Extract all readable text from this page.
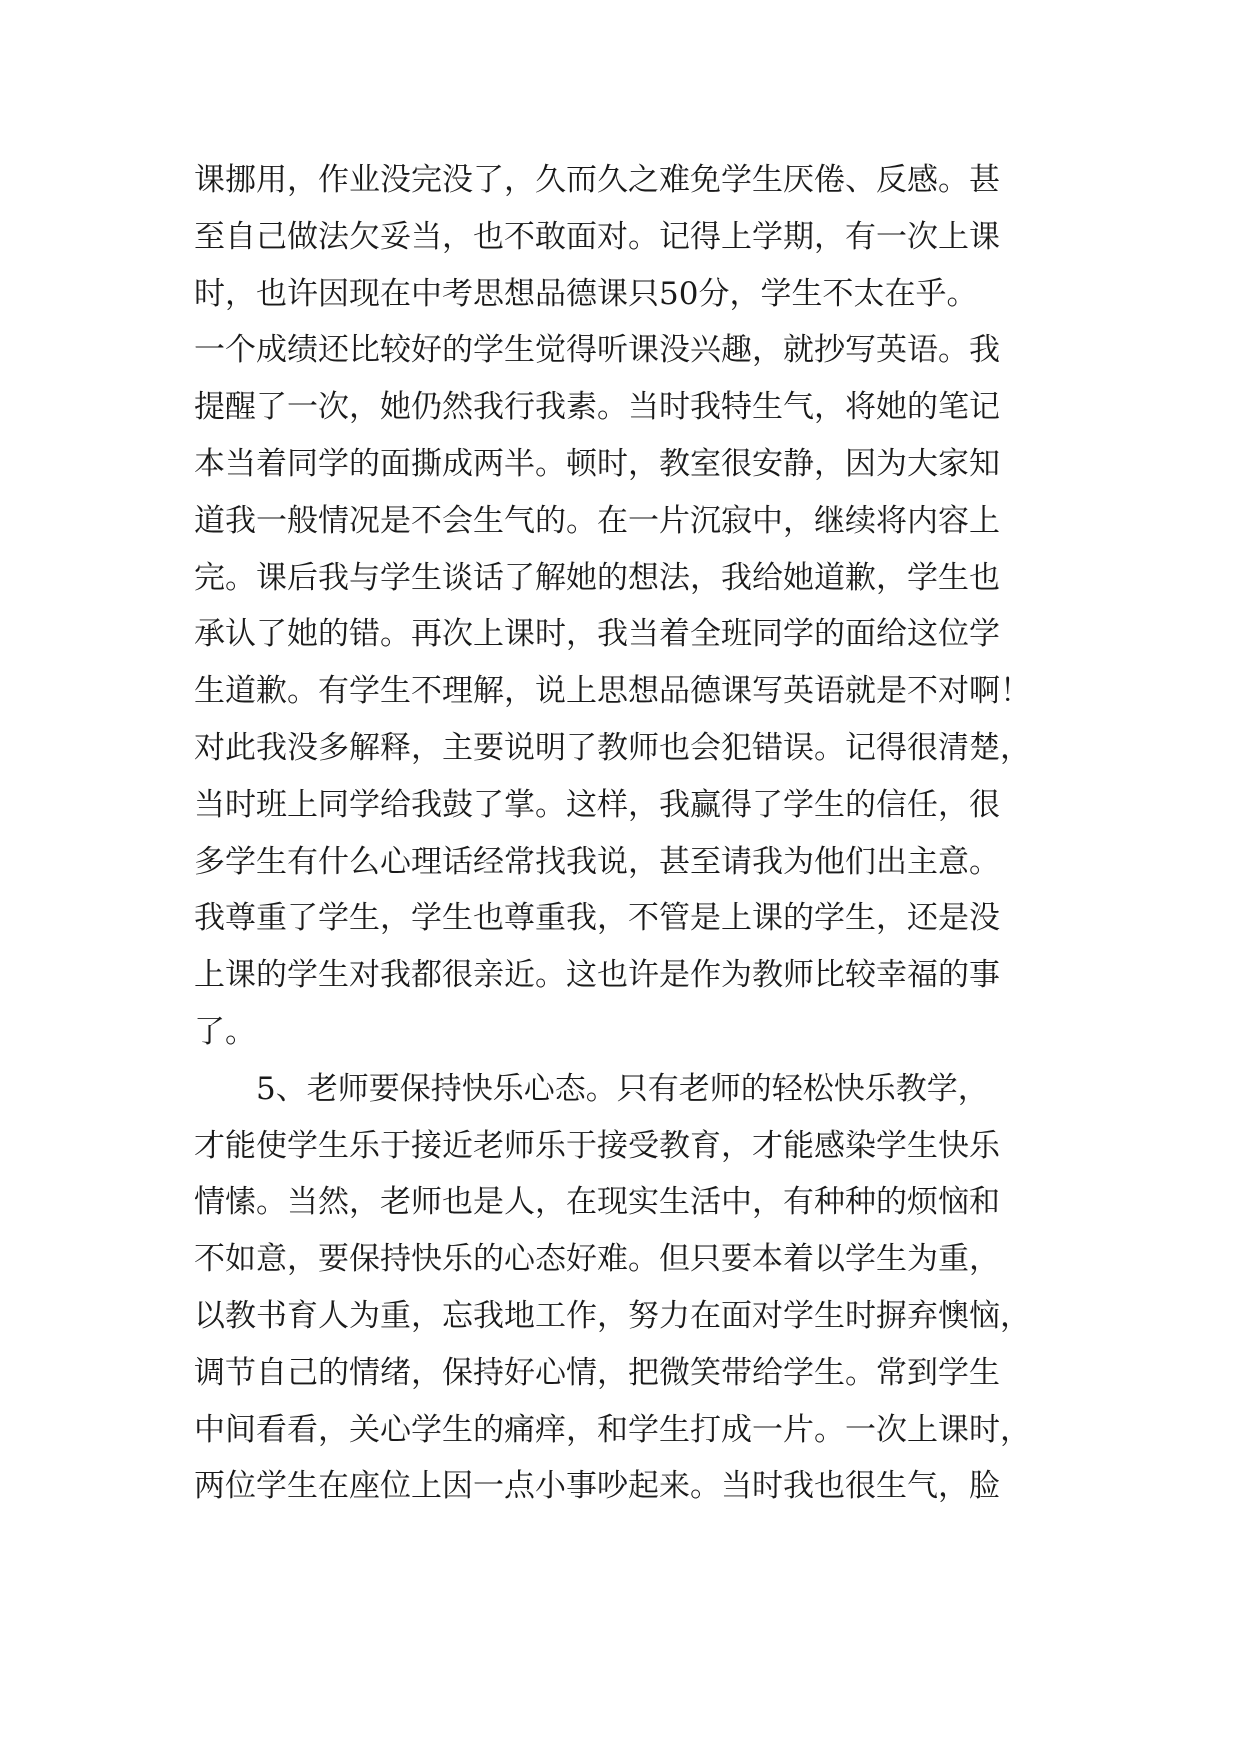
课挪用，作业没完没了，久而久之难免学生厌倦、反感。甚
至自己做法欠妥当，也不敢面对。记得上学期，有一次上课
时，也许因现在中考思想品德课只50分，学生不太在乎。
一个成绩还比较好的学生觉得听课没兴趣，就抄写英语。我
提醒了一次，她仍然我行我素。当时我特生气，将她的笔记
本当着同学的面撕成两半。顿时，教室很安静，因为大家知
道我一般情况是不会生气的。在一片沉寂中，继续将内容上
完。课后我与学生谈话了解她的想法，我给她道歉，学生也
承认了她的错。再次上课时，我当着全班同学的面给这位学
生道歉。有学生不理解，说上思想品德课写英语就是不对啊！
对此我没多解释，主要说明了教师也会犯错误。记得很清楚，
当时班上同学给我鼓了掌。这样，我赢得了学生的信任，很
多学生有什么心理话经常找我说，甚至请我为他们出主意。
我尊重了学生，学生也尊重我，不管是上课的学生，还是没
上课的学生对我都很亲近。这也许是作为教师比较幸福的事
了。
5、老师要保持快乐心态。只有老师的轻松快乐教学，
才能使学生乐于接近老师乐于接受教育，才能感染学生快乐
情愫。当然，老师也是人，在现实生活中，有种种的烦恼和
不如意，要保持快乐的心态好难。但只要本着以学生为重，
以教书育人为重，忘我地工作，努力在面对学生时摒弃懊恼，
调节自己的情绪，保持好心情，把微笑带给学生。常到学生
中间看看，关心学生的痛痒，和学生打成一片。一次上课时，
两位学生在座位上因一点小事吵起来。当时我也很生气，脸
